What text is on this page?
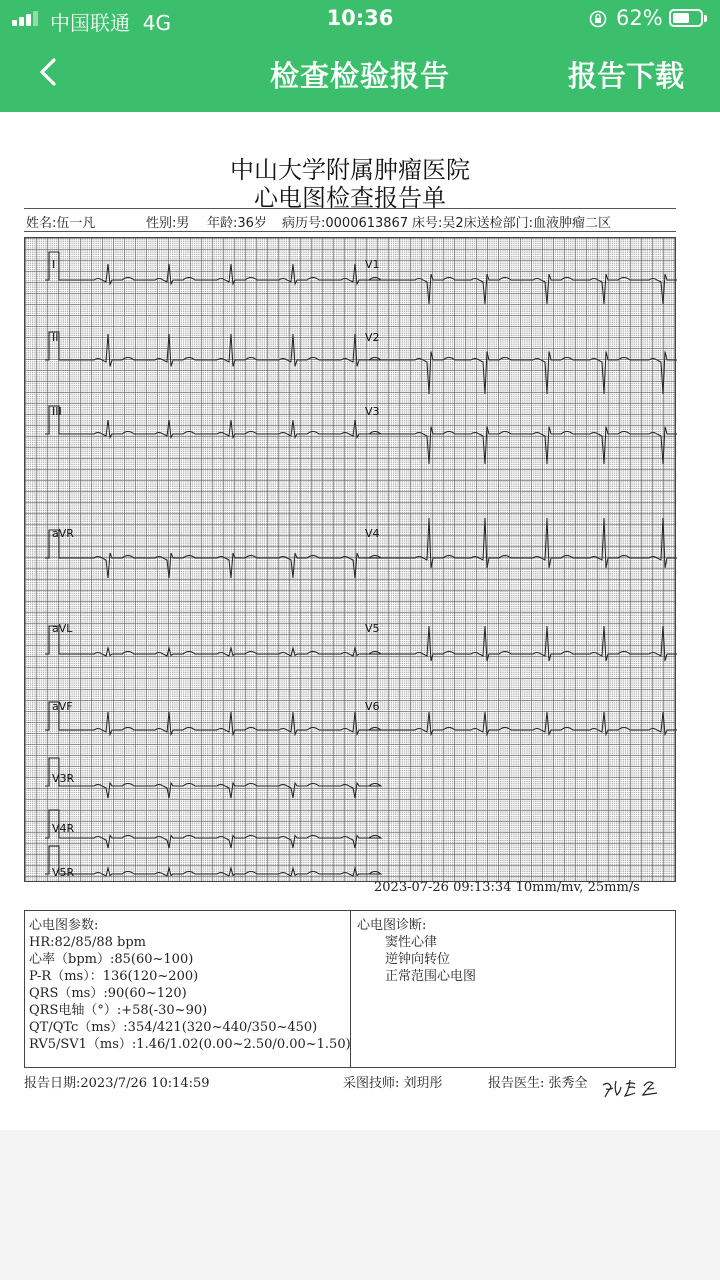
中国联通 4G	10:36	62%
检查检验报告	报告下载
中山大学附属肿瘤医院
心电图检查报告单
姓名:伍一凡	性别:男 年龄:36岁 病历号:0000613867 床号:吴2床送检部门:血液肿瘤二区
I
II
III
aVR
aVL
aVF
V3R
V4R
V5R
V1
V2
V3
V4
V5
V6
2023-07-26 09:13:34 10mm/mv, 25mm/s
心电图参数:
HR:82/85/88 bpm
心率（bpm）:85(60~100)
P-R（ms）：136(120~200)
QRS（ms）:90(60~120)
QRS电轴（°）:+58(-30~90)
QT/QTc（ms）:354/421(320~440/350~450)
RV5/SV1（ms）:1.46/1.02(0.00~2.50/0.00~1.50)
心电图诊断:
窦性心律
逆钟向转位
正常范围心电图
报告日期:2023/7/26 10:14:59	采图技师: 刘玥彤	报告医生: 张秀全
